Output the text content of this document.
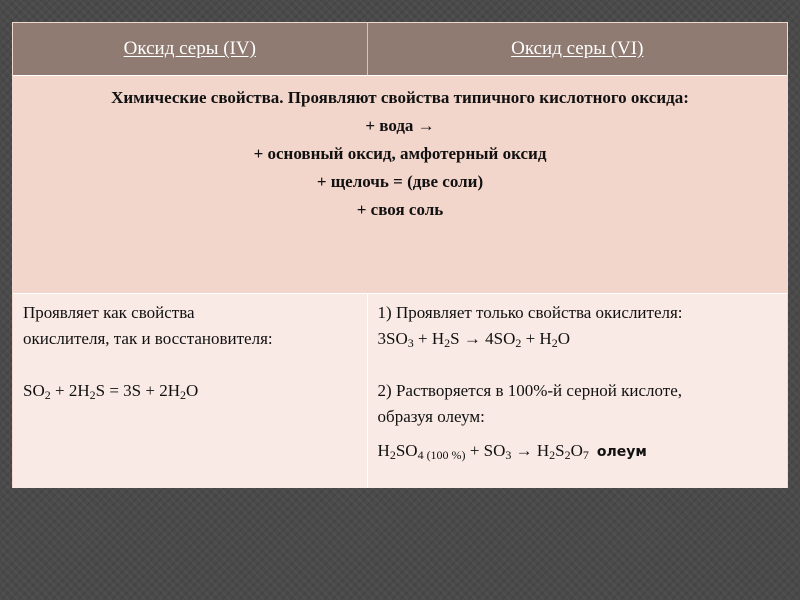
Оксид серы (IV)	Оксид серы (VI)

Химические свойства. Проявляют свойства типичного кислотного оксида:
+ вода →
+ основный оксид, амфотерный оксид
+ щелочь = (две соли)
+ своя соль

Проявляет как свойства
окислителя, так и восстановителя:

$SO_2 + 2H_2S = 3S + 2H_2O$

1) Проявляет только свойства окислителя:
$3SO_3 + H_2S \to 4SO_2 + H_2O$

2) Растворяется в 100%-й серной кислоте,
образуя олеум:

$H_2SO_{4 (100 \%)} + SO_3 \to H_2S_2O_7$ олеум
